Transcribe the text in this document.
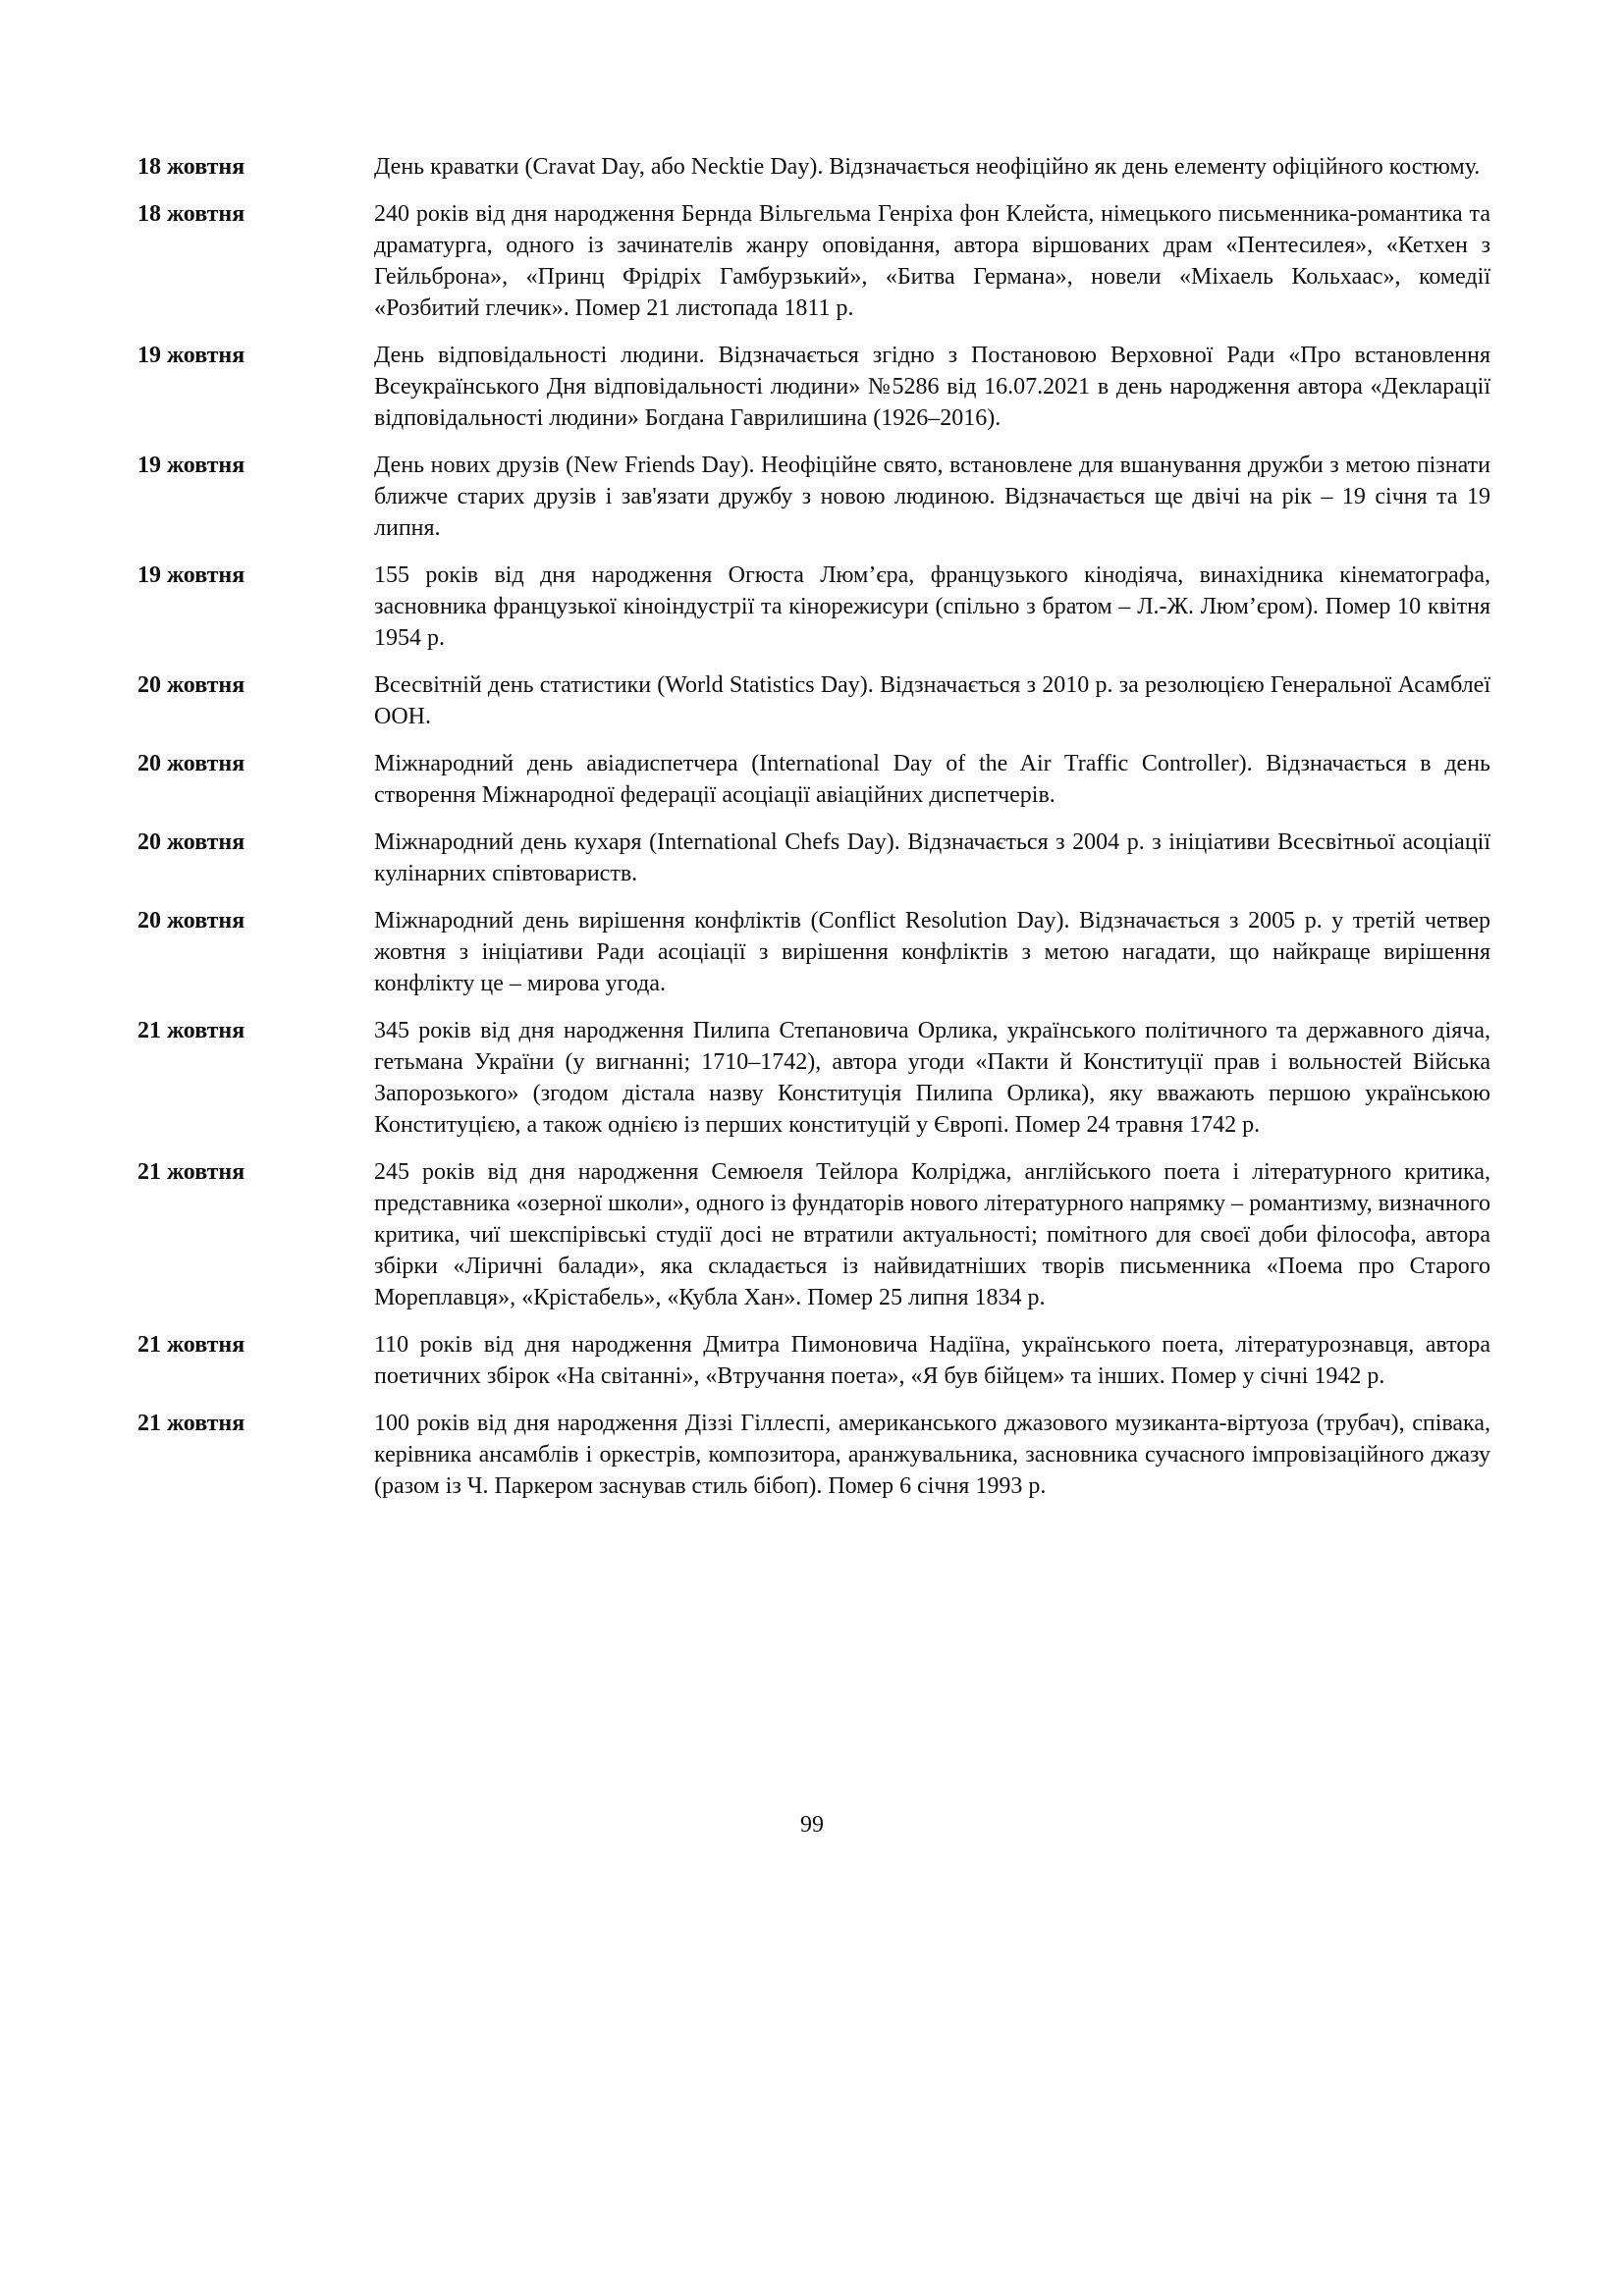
18 жовтня	День краватки (Cravat Day, або Necktie Day). Відзначається неофіційно як день елементу офіційного костюму.
18 жовтня	240 років від дня народження Бернда Вільгельма Генріха фон Клейста, німецького письменника-романтика та драматурга, одного із зачинателів жанру оповідання, автора віршованих драм «Пентесилея», «Кетхен з Гейльброна», «Принц Фрідріх Гамбурзький», «Битва Германа», новели «Міхаель Кольхаас», комедії «Розбитий глечик». Помер 21 листопада 1811 р.
19 жовтня	День відповідальності людини. Відзначається згідно з Постановою Верховної Ради «Про встановлення Всеукраїнського Дня відповідальності людини» №5286 від 16.07.2021 в день народження автора «Декларації відповідальності людини» Богдана Гаврилишина (1926–2016).
19 жовтня	День нових друзів (New Friends Day). Неофіційне свято, встановлене для вшанування дружби з метою пізнати ближче старих друзів і зав'язати дружбу з новою людиною. Відзначається ще двічі на рік – 19 січня та 19 липня.
19 жовтня	155 років від дня народження Огюста Люм’єра, французького кінодіяча, винахідника кінематографа, засновника французької кіноіндустрії та кінорежисури (спільно з братом – Л.-Ж. Люм’єром). Помер 10 квітня 1954 р.
20 жовтня	Всесвітній день статистики (World Statistics Day). Відзначається з 2010 р. за резолюцією Генеральної Асамблеї ООН.
20 жовтня	Міжнародний день авіадиспетчера (International Day of the Air Traffic Controller). Відзначається в день створення Міжнародної федерації асоціації авіаційних диспетчерів.
20 жовтня	Міжнародний день кухаря (International Chefs Day). Відзначається з 2004 р. з ініціативи Всесвітньої асоціації кулінарних співтовариств.
20 жовтня	Міжнародний день вирішення конфліктів (Conflict Resolution Day). Відзначається з 2005 р. у третій четвер жовтня з ініціативи Ради асоціації з вирішення конфліктів з метою нагадати, що найкраще вирішення конфлікту це – мирова угода.
21 жовтня	345 років від дня народження Пилипа Степановича Орлика, українського політичного та державного діяча, гетьмана України (у вигнанні; 1710–1742), автора угоди «Пакти й Конституції прав і вольностей Війська Запорозького» (згодом дістала назву Конституція Пилипа Орлика), яку вважають першою українською Конституцією, а також однією із перших конституцій у Європі. Помер 24 травня 1742 р.
21 жовтня	245 років від дня народження Семюеля Тейлора Колріджа, англійського поета і літературного критика, представника «озерної школи», одного із фундаторів нового літературного напрямку – романтизму, визначного критика, чиї шекспірівські студії досі не втратили актуальності; помітного для своєї доби філософа, автора збірки «Ліричні балади», яка складається із найвидатніших творів письменника «Поема про Старого Мореплавця», «Крістабель», «Кубла Хан». Помер 25 липня 1834 р.
21 жовтня	110 років від дня народження Дмитра Пимоновича Надіїна, українського поета, літературознавця, автора поетичних збірок «На світанні», «Втручання поета», «Я був бійцем» та інших. Помер у січні 1942 р.
21 жовтня	100 років від дня народження Діззі Гіллеспі, американського джазового музиканта-віртуоза (трубач), співака, керівника ансамблів і оркестрів, композитора, аранжувальника, засновника сучасного імпровізаційного джазу (разом із Ч. Паркером заснував стиль бібоп). Помер 6 січня 1993 р.
99
